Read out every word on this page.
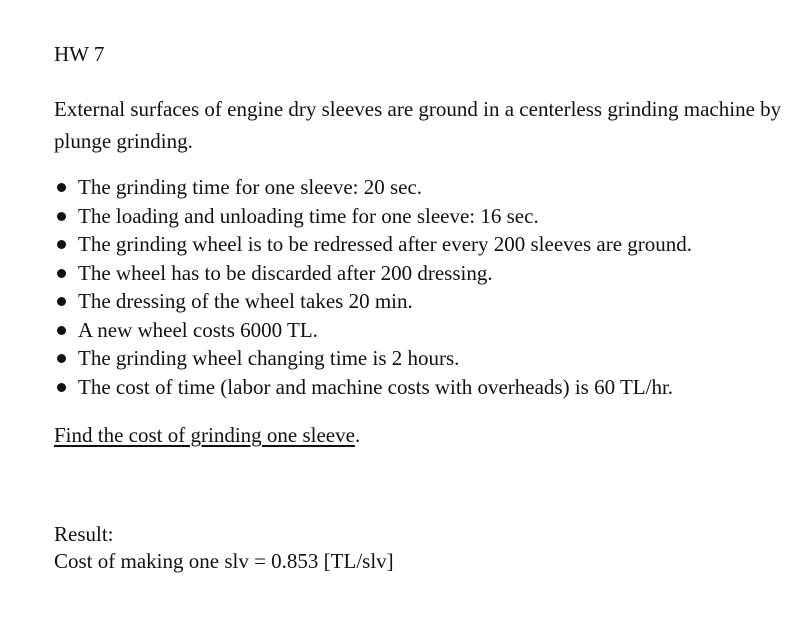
HW 7
External surfaces of engine dry sleeves are ground in a centerless grinding machine by plunge grinding.
The grinding time for one sleeve: 20 sec.
The loading and unloading time for one sleeve: 16 sec.
The grinding wheel is to be redressed after every 200 sleeves are ground.
The wheel has to be discarded after 200 dressing.
The dressing of the wheel takes 20 min.
A new wheel costs 6000 TL.
The grinding wheel changing time is 2 hours.
The cost of time (labor and machine costs with overheads) is 60 TL/hr.
Find the cost of grinding one sleeve.
Result:
Cost of making one slv = 0.853 [TL/slv]
